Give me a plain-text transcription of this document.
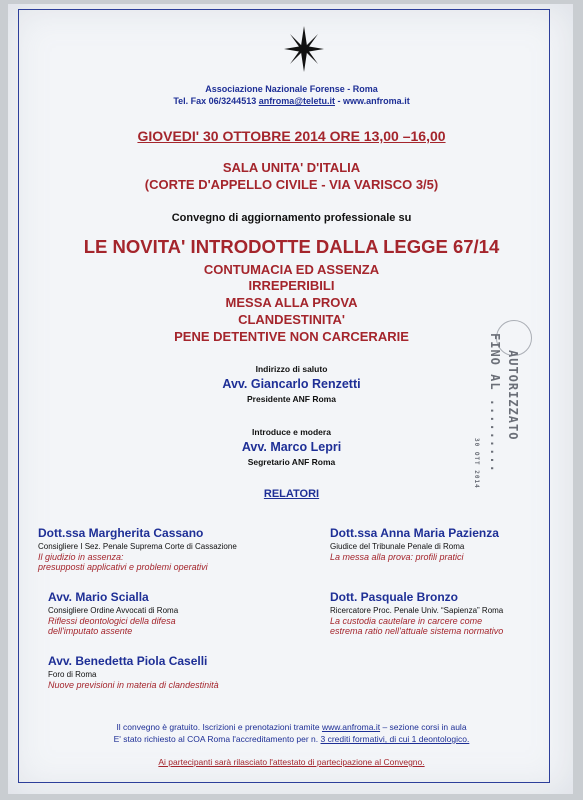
Associazione Nazionale Forense - Roma
Tel. Fax 06/3244513 anfroma@teletu.it - www.anfroma.it
GIOVEDI' 30 OTTOBRE 2014 ORE 13,00 –16,00
SALA UNITA' D'ITALIA
(CORTE D'APPELLO CIVILE - VIA VARISCO 3/5)
Convegno di aggiornamento professionale su
LE NOVITA' INTRODOTTE DALLA LEGGE 67/14
CONTUMACIA ED ASSENZA
IRREPERIBILI
MESSA ALLA PROVA
CLANDESTINITA'
PENE DETENTIVE NON CARCERARIE
Indirizzo di saluto
Avv. Giancarlo Renzetti
Presidente ANF Roma
Introduce e modera
Avv. Marco Lepri
Segretario ANF Roma
RELATORI
Dott.ssa Margherita Cassano
Consigliere I Sez. Penale Suprema Corte di Cassazione
Il giudizio in assenza:
presupposti applicativi e problemi operativi
Dott.ssa Anna Maria Pazienza
Giudice del Tribunale Penale di Roma
La messa alla prova: profili pratici
Avv. Mario Scialla
Consigliere Ordine Avvocati di Roma
Riflessi deontologici della difesa
dell'imputato assente
Dott. Pasquale Bronzo
Ricercatore Proc. Penale Univ. “Sapienza” Roma
La custodia cautelare in carcere come
estrema ratio nell'attuale sistema normativo
Avv. Benedetta Piola Caselli
Foro di Roma
Nuove previsioni in materia di clandestinità
Il convegno è gratuito. Iscrizioni e prenotazioni tramite www.anfroma.it – sezione corsi in aula
E' stato richiesto al COA Roma l'accreditamento per n. 3 crediti formativi, di cui 1 deontologico.
Ai partecipanti sarà rilasciato l'attestato di partecipazione al Convegno.
AUTORIZZATO
FINO AL .........
30 OTT 2014
